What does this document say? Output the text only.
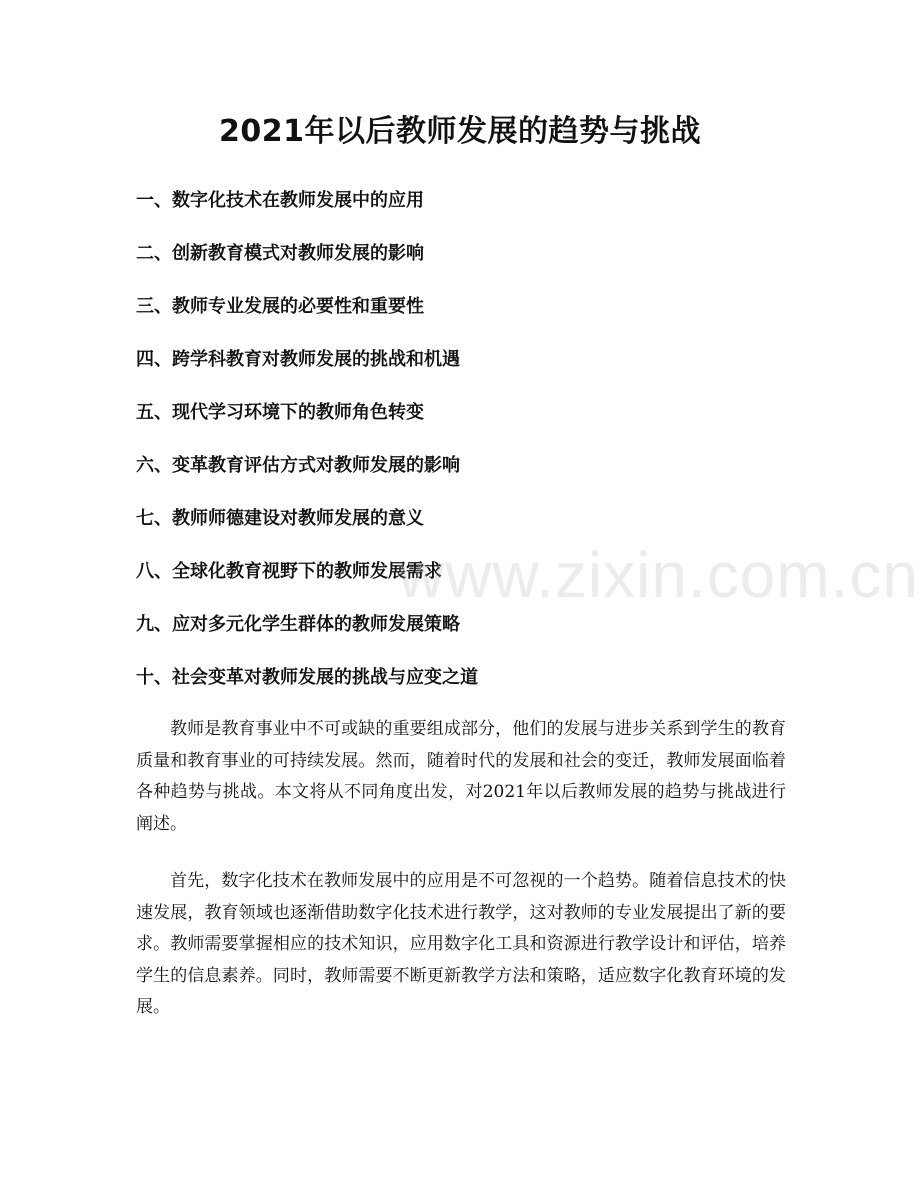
2021年以后教师发展的趋势与挑战
一、数字化技术在教师发展中的应用
二、创新教育模式对教师发展的影响
三、教师专业发展的必要性和重要性
四、跨学科教育对教师发展的挑战和机遇
五、现代学习环境下的教师角色转变
六、变革教育评估方式对教师发展的影响
七、教师师德建设对教师发展的意义
八、全球化教育视野下的教师发展需求
九、应对多元化学生群体的教师发展策略
十、社会变革对教师发展的挑战与应变之道

教师是教育事业中不可或缺的重要组成部分，他们的发展与进步关系到学生的教育质量和教育事业的可持续发展。然而，随着时代的发展和社会的变迁，教师发展面临着各种趋势与挑战。本文将从不同角度出发，对2021年以后教师发展的趋势与挑战进行阐述。

首先，数字化技术在教师发展中的应用是不可忽视的一个趋势。随着信息技术的快速发展，教育领域也逐渐借助数字化技术进行教学，这对教师的专业发展提出了新的要求。教师需要掌握相应的技术知识，应用数字化工具和资源进行教学设计和评估，培养学生的信息素养。同时，教师需要不断更新教学方法和策略，适应数字化教育环境的发展。

www.zixin.com.cn
